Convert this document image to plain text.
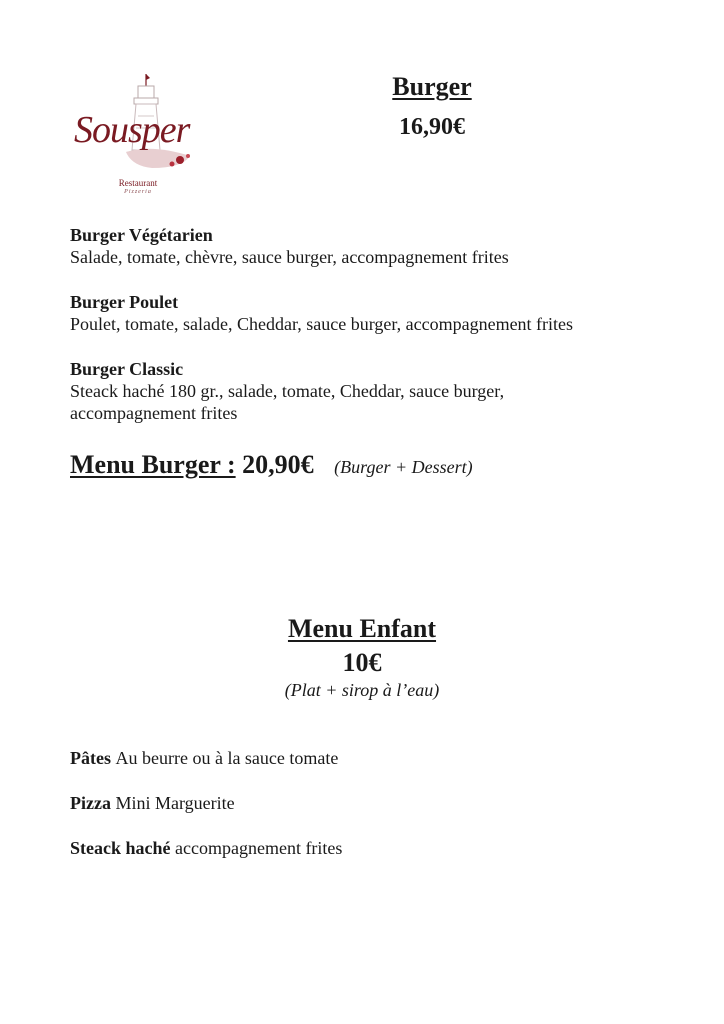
Sousper
Restaurant
Pizzeria
Burger
16,90€
Burger Végétarien
Salade, tomate, chèvre, sauce burger, accompagnement frites
Burger Poulet
Poulet, tomate, salade, Cheddar, sauce burger, accompagnement frites
Burger Classic
Steack haché 180 gr., salade, tomate, Cheddar, sauce burger,
accompagnement frites
Menu Burger : 20,90€ (Burger + Dessert)
Menu Enfant
10€
(Plat + sirop à l’eau)
Pâtes Au beurre ou à la sauce tomate
Pizza Mini Marguerite
Steack haché accompagnement frites
